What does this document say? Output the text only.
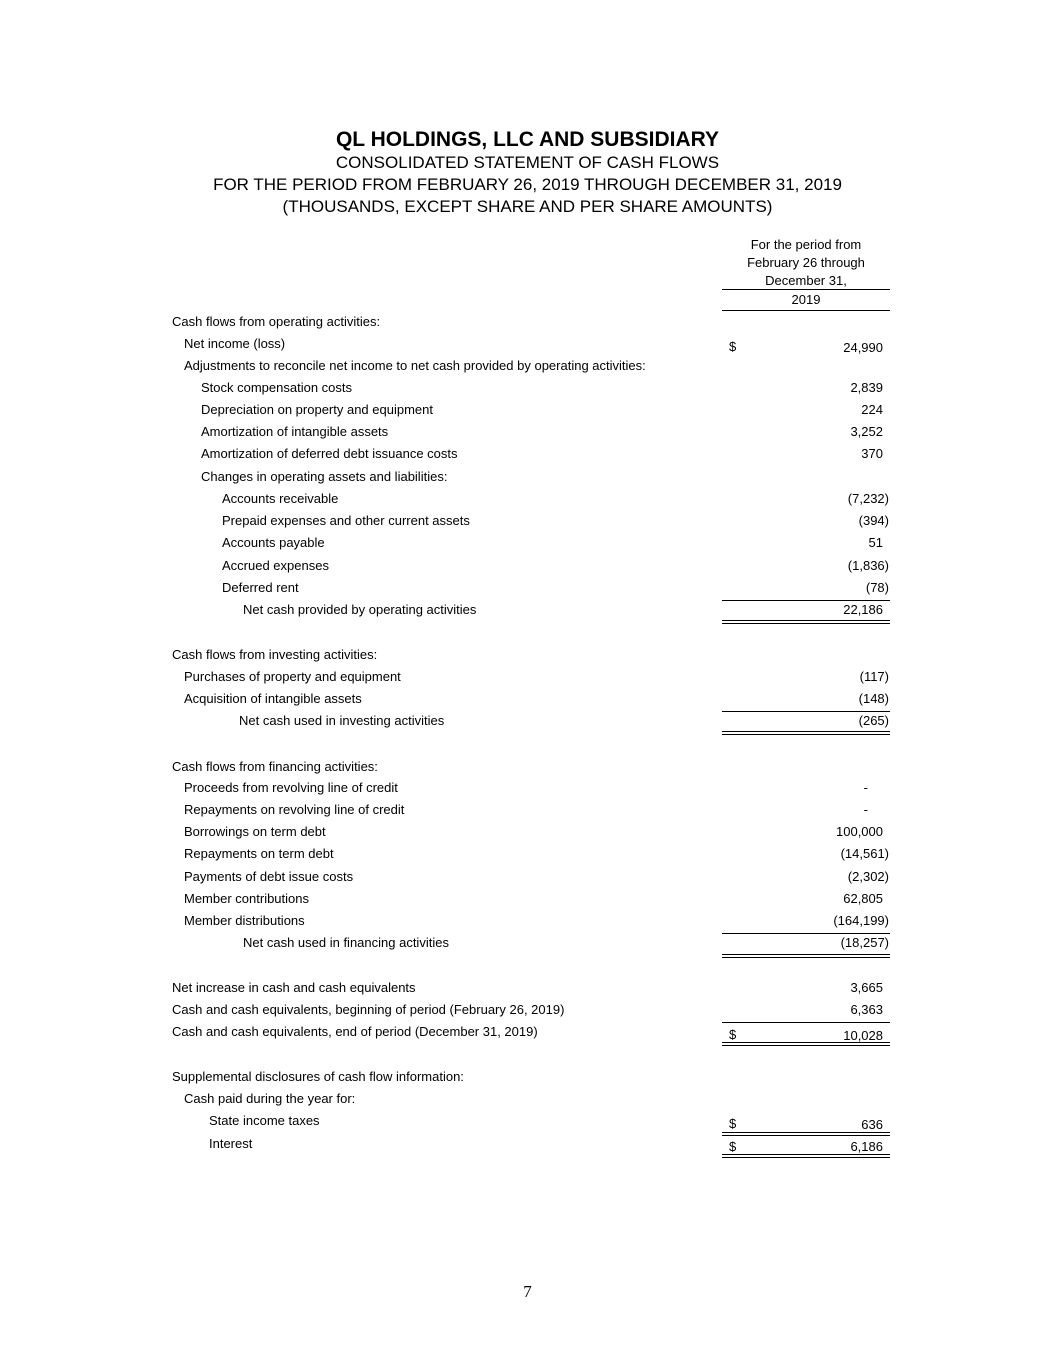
QL HOLDINGS, LLC AND SUBSIDIARY
CONSOLIDATED STATEMENT OF CASH FLOWS
FOR THE PERIOD FROM FEBRUARY 26, 2019 THROUGH DECEMBER 31, 2019
(THOUSANDS, EXCEPT SHARE AND PER SHARE AMOUNTS)
For the period from
February 26 through
December 31,
2019
Cash flows from operating activities:
Net income (loss)	$	24,990
Adjustments to reconcile net income to net cash provided by operating activities:
Stock compensation costs	2,839
Depreciation on property and equipment	224
Amortization of intangible assets	3,252
Amortization of deferred debt issuance costs	370
Changes in operating assets and liabilities:
Accounts receivable	(7,232)
Prepaid expenses and other current assets	(394)
Accounts payable	51
Accrued expenses	(1,836)
Deferred rent	(78)
Net cash provided by operating activities	22,186
Cash flows from investing activities:
Purchases of property and equipment	(117)
Acquisition of intangible assets	(148)
Net cash used in investing activities	(265)
Cash flows from financing activities:
Proceeds from revolving line of credit	-
Repayments on revolving line of credit	-
Borrowings on term debt	100,000
Repayments on term debt	(14,561)
Payments of debt issue costs	(2,302)
Member contributions	62,805
Member distributions	(164,199)
Net cash used in financing activities	(18,257)
Net increase in cash and cash equivalents	3,665
Cash and cash equivalents, beginning of period (February 26, 2019)	6,363
Cash and cash equivalents, end of period (December 31, 2019)	$	10,028
Supplemental disclosures of cash flow information:
Cash paid during the year for:
State income taxes	$	636
Interest	$	6,186
7
